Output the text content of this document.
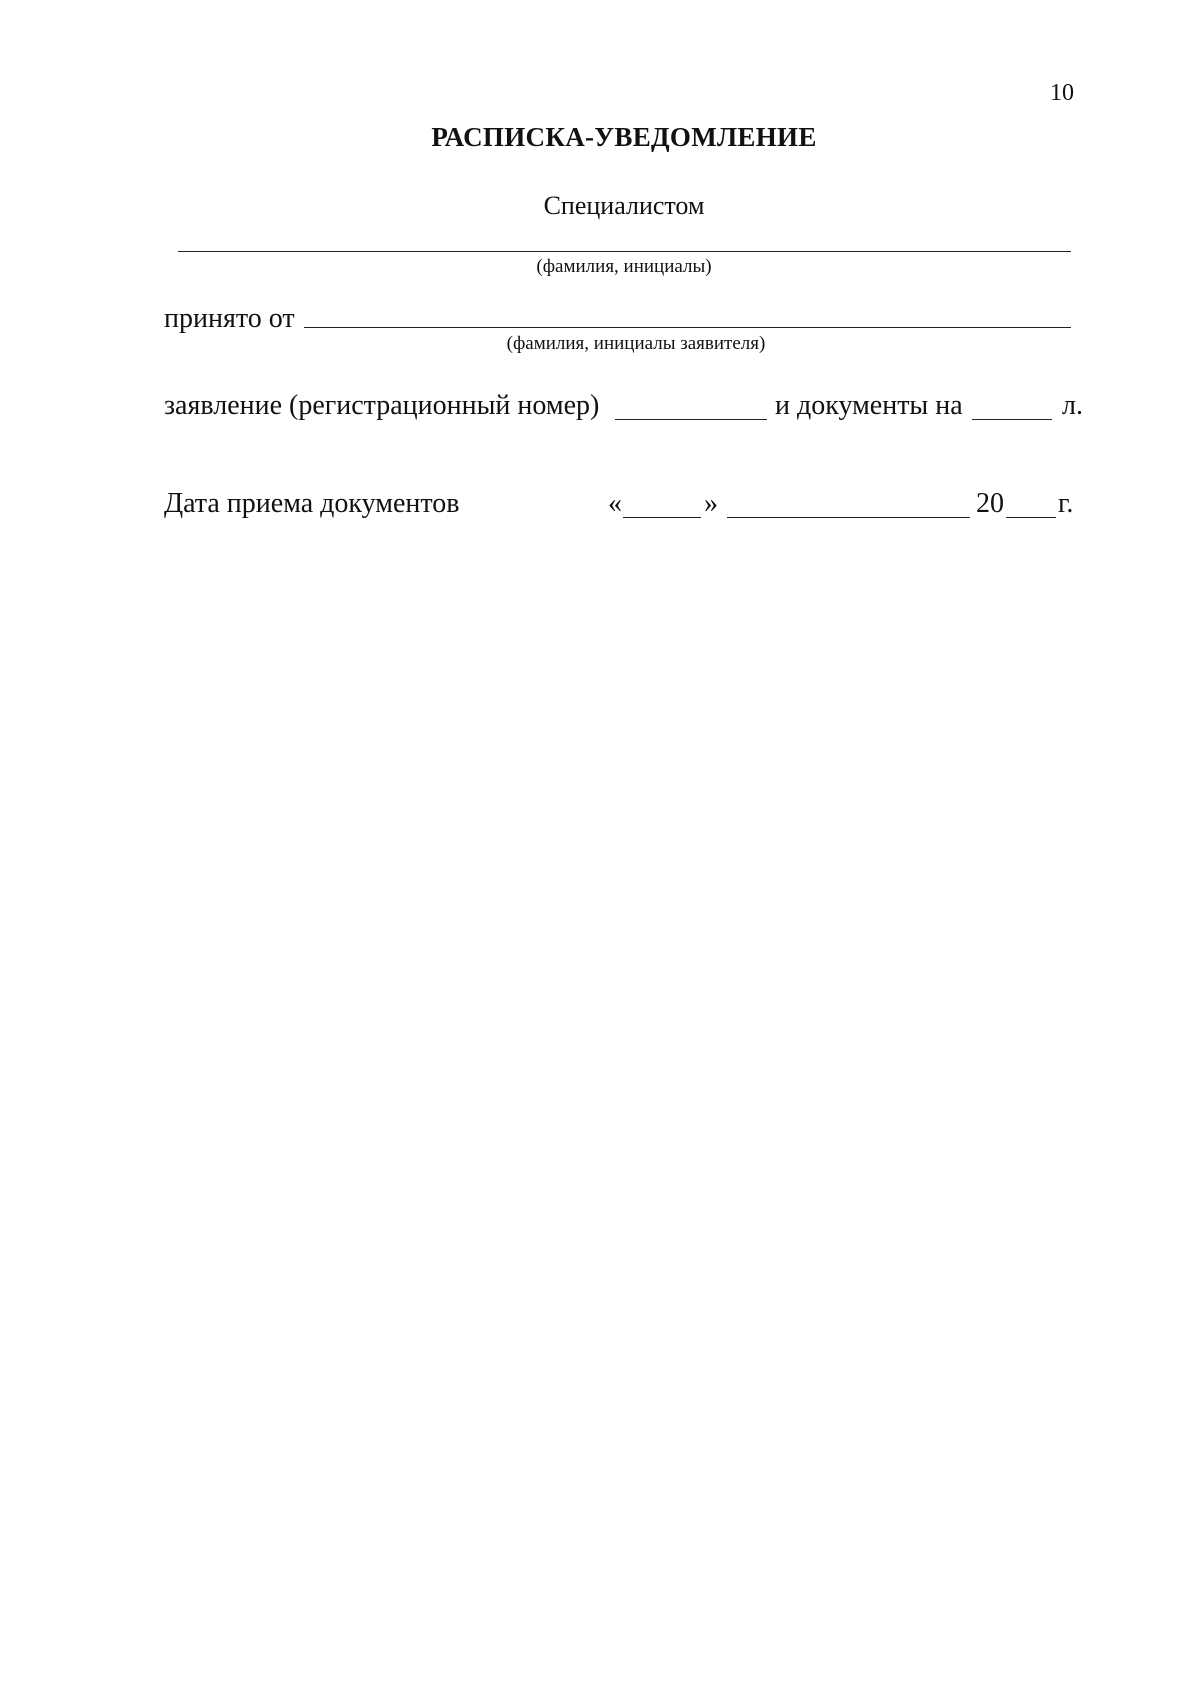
10
РАСПИСКА-УВЕДОМЛЕНИЕ
Специалистом
(фамилия, инициалы)
принято от
(фамилия, инициалы заявителя)
заявление (регистрационный номер)	и документы на	л.
Дата приема документов	«	»	20 г.
